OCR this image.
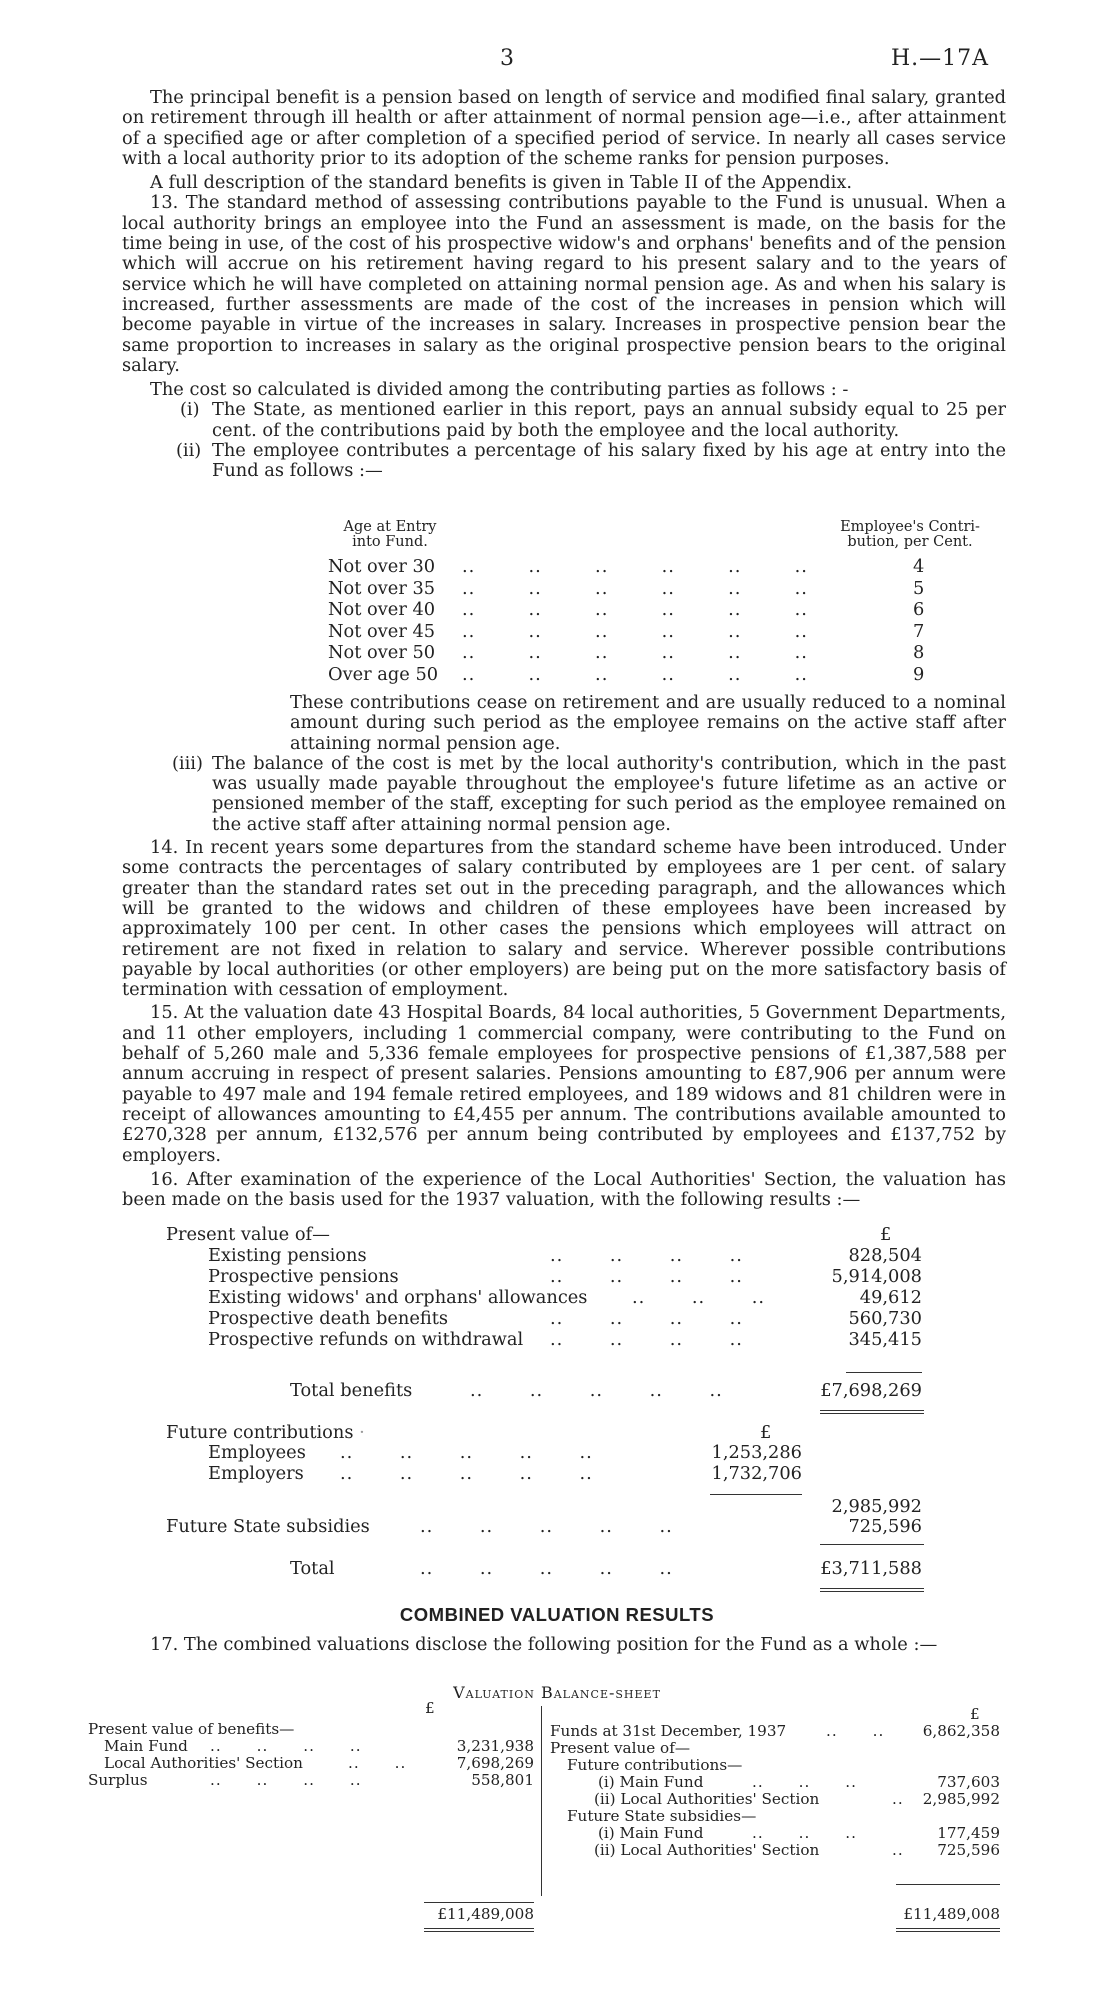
3	H.—17A

The principal benefit is a pension based on length of service and modified final salary, granted on retirement through ill health or after attainment of normal pension age—i.e., after attainment of a specified age or after completion of a specified period of service. In nearly all cases service with a local authority prior to its adoption of the scheme ranks for pension purposes.

A full description of the standard benefits is given in Table II of the Appendix.

13. The standard method of assessing contributions payable to the Fund is unusual. When a local authority brings an employee into the Fund an assessment is made, on the basis for the time being in use, of the cost of his prospective widow's and orphans' benefits and of the pension which will accrue on his retirement having regard to his present salary and to the years of service which he will have completed on attaining normal pension age. As and when his salary is increased, further assessments are made of the cost of the increases in pension which will become payable in virtue of the increases in salary. Increases in prospective pension bear the same proportion to increases in salary as the original prospective pension bears to the original salary.

The cost so calculated is divided among the contributing parties as follows : -

(i) The State, as mentioned earlier in this report, pays an annual subsidy equal to 25 per cent. of the contributions paid by both the employee and the local authority.
(ii) The employee contributes a percentage of his salary fixed by his age at entry into the Fund as follows :—
Age at Entry
into Fund.
Employee's Contri-
bution, per Cent.
Not over 30 ..        ..        ..        ..        ..        ..	4
Not over 35 ..        ..        ..        ..        ..        ..	5
Not over 40 ..        ..        ..        ..        ..        ..	6
Not over 45 ..        ..        ..        ..        ..        ..	7
Not over 50 ..        ..        ..        ..        ..        ..	8
Over age 50 ..        ..        ..        ..        ..        ..	9

These contributions cease on retirement and are usually reduced to a nominal amount during such period as the employee remains on the active staff after attaining normal pension age.

(iii) The balance of the cost is met by the local authority's contribution, which in the past was usually made payable throughout the employee's future lifetime as an active or pensioned member of the staff, excepting for such period as the employee remained on the active staff after attaining normal pension age.

14. In recent years some departures from the standard scheme have been introduced. Under some contracts the percentages of salary contributed by employees are 1 per cent. of salary greater than the standard rates set out in the preceding paragraph, and the allowances which will be granted to the widows and children of these employees have been increased by approximately 100 per cent. In other cases the pensions which employees will attract on retirement are not fixed in relation to salary and service. Wherever possible contributions payable by local authorities (or other employers) are being put on the more satisfactory basis of termination with cessation of employment.

15. At the valuation date 43 Hospital Boards, 84 local authorities, 5 Government Departments, and 11 other employers, including 1 commercial company, were contributing to the Fund on behalf of 5,260 male and 5,336 female employees for prospective pensions of £1,387,588 per annum accruing in respect of present salaries. Pensions amounting to £87,906 per annum were payable to 497 male and 194 female retired employees, and 189 widows and 81 children were in receipt of allowances amounting to £4,455 per annum. The contributions available amounted to £270,328 per annum, £132,576 per annum being contributed by employees and £137,752 by employers.

16. After examination of the experience of the Local Authorities' Section, the valuation has been made on the basis used for the 1937 valuation, with the following results :—

Present value of—	£
Existing pensions	..       ..       ..       ..	828,504
Prospective pensions	..       ..       ..       ..	5,914,008
Existing widows' and orphans' allowances	..       ..       ..	49,612
Prospective death benefits	..       ..       ..       ..	560,730
Prospective refunds on withdrawal ..       ..       ..       ..	345,415
Total benefits	..       ..       ..       ..       ..	£7,698,269
Future contributions ·	£
Employees ..       ..       ..       ..       ..	1,253,286
Employers ..       ..       ..       ..       ..	1,732,706
2,985,992
Future State subsidies	..       ..       ..       ..       ..	725,596
Total	..       ..       ..       ..       ..	£3,711,588
COMBINED VALUATION RESULTS
17. The combined valuations disclose the following position for the Fund as a whole :—
Valuation Balance-sheet
£
Present value of benefits—
Main Fund ..      ..      ..      ..	3,231,938
Local Authorities' Section	..      ..	7,698,269
Surplus	..      ..      ..      ..	558,801
£11,489,008
£
Funds at 31st December, 1937	..      ..	6,862,358
Present value of—
Future contributions—
(i) Main Fund	..      ..      ..	737,603
(ii) Local Authorities' Section	.. 2,985,992
Future State subsidies—
(i) Main Fund	..      ..      ..	177,459
(ii) Local Authorities' Section	.. 725,596
£11,489,008
